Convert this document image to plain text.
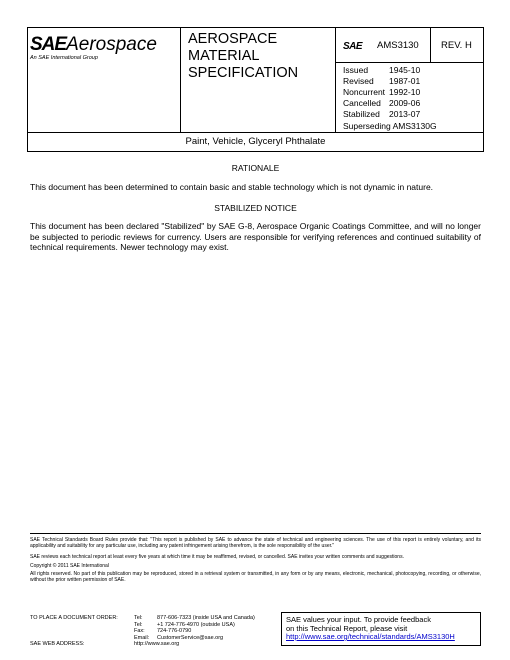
SAEAerospace
An SAE International Group
AEROSPACE
MATERIAL
SPECIFICATION
SAE AMS3130 REV. H
Issued	1945-10
Revised	1987-01
Noncurrent 1992-10
Cancelled 2009-06
Stabilized	2013-07
Superseding AMS3130G
Paint, Vehicle, Glyceryl Phthalate
RATIONALE
This document has been determined to contain basic and stable technology which is not dynamic in nature.
STABILIZED NOTICE
This document has been declared "Stabilized" by SAE G-8, Aerospace Organic Coatings Committee, and will no longer be subjected to periodic reviews for currency. Users are responsible for verifying references and continued suitability of technical requirements. Newer technology may exist.
SAE Technical Standards Board Rules provide that: "This report is published by SAE to advance the state of technical and engineering sciences. The use of this report is entirely voluntary, and its applicability and suitability for any particular use, including any patent infringement arising therefrom, is the sole responsibility of the user."
SAE reviews each technical report at least every five years at which time it may be reaffirmed, revised, or cancelled. SAE invites your written comments and suggestions.
Copyright © 2011 SAE International
All rights reserved. No part of this publication may be reproduced, stored in a retrieval system or transmitted, in any form or by any means, electronic, mechanical, photocopying, recording, or otherwise, without the prior written permission of SAE.
TO PLACE A DOCUMENT ORDER:	Tel:	877-606-7323 (inside USA and Canada)
Tel:	+1 724-776-4970 (outside USA)
Fax:	724-776-0790
Email:	CustomerService@sae.org
SAE WEB ADDRESS:	http://www.sae.org
SAE values your input. To provide feedback
on this Technical Report, please visit
http://www.sae.org/technical/standards/AMS3130H
